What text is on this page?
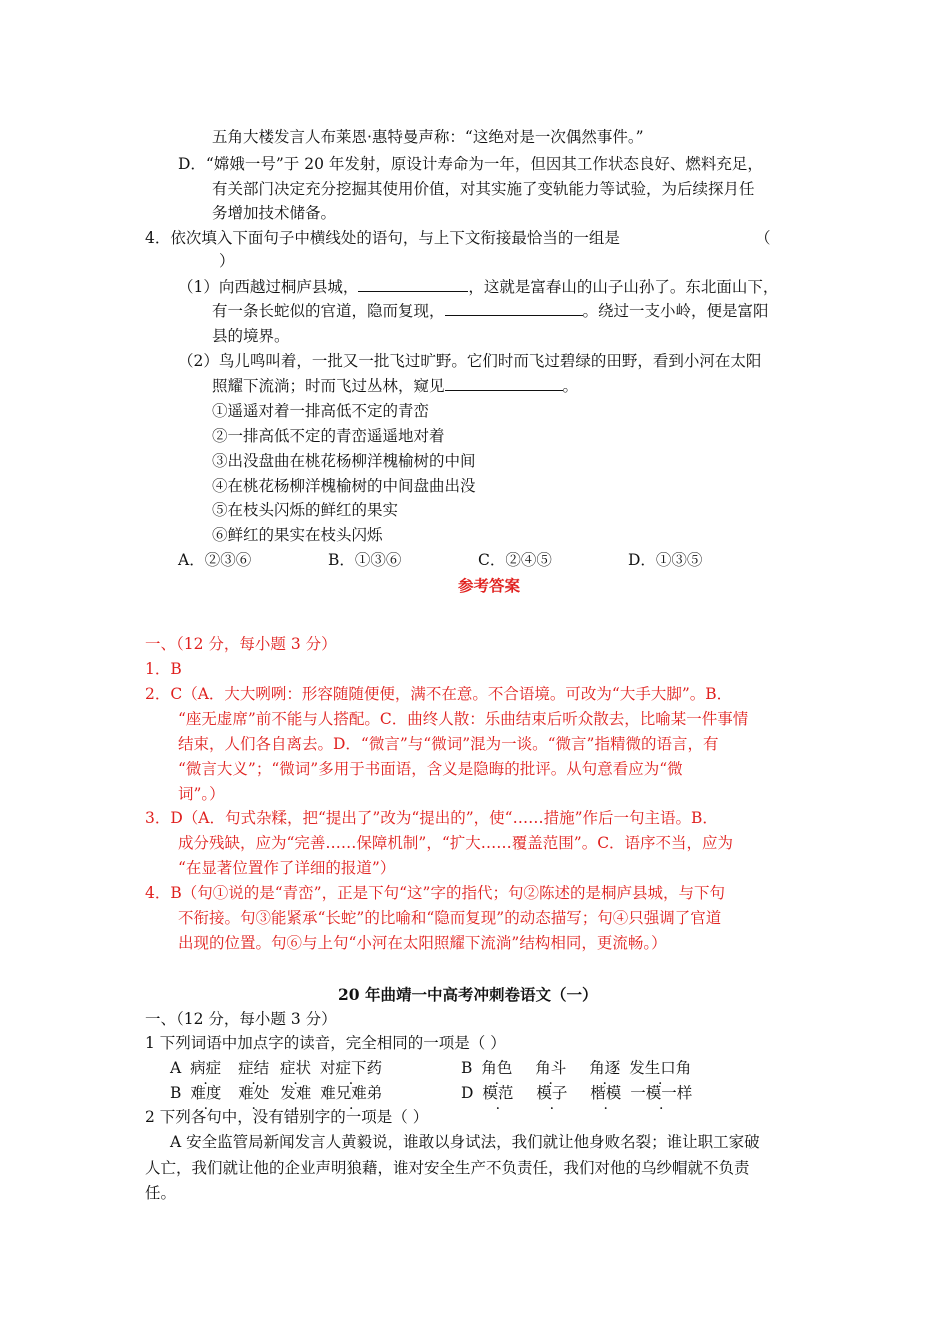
五角大楼发言人布莱恩·惠特曼声称：“这绝对是一次偶然事件。”
D．“嫦娥一号”于 20 年发射，原设计寿命为一年，但因其工作状态良好、燃料充足，
有关部门决定充分挖掘其使用价值，对其实施了变轨能力等试验，为后续探月任
务增加技术储备。
4．依次填入下面句子中横线处的语句，与上下文衔接最恰当的一组是	（
）
（1）向西越过桐庐县城，	，这就是富春山的山子山孙了。东北面山下，
有一条长蛇似的官道，隐而复现，	。绕过一支小岭，便是富阳
县的境界。
（2）鸟儿鸣叫着，一批又一批飞过旷野。它们时而飞过碧绿的田野，看到小河在太阳
照耀下流淌；时而飞过丛林，窥见	。
①遥遥对着一排高低不定的青峦
②一排高低不定的青峦遥遥地对着
③出没盘曲在桃花杨柳洋槐榆树的中间
④在桃花杨柳洋槐榆树的中间盘曲出没
⑤在枝头闪烁的鲜红的果实
⑥鲜红的果实在枝头闪烁
A．②③⑥	B．①③⑥	C．②④⑤	D．①③⑤
参考答案
一、（12 分，每小题 3 分）
1．B
2．C（A．大大咧咧：形容随随便便，满不在意。不合语境。可改为“大手大脚”。B．
“座无虚席”前不能与人搭配。C．曲终人散：乐曲结束后听众散去，比喻某一件事情
结束，人们各自离去。D．“微言”与“微词”混为一谈。“微言”指精微的语言，有
“微言大义”；“微词”多用于书面语，含义是隐晦的批评。从句意看应为“微
词”。）
3．D（A．句式杂糅，把“提出了”改为“提出的”，使“……措施”作后一句主语。B．
成分残缺，应为“完善……保障机制”，“扩大……覆盖范围”。C．语序不当，应为
“在显著位置作了详细的报道”）
4．B（句①说的是“青峦”，正是下句“这”字的指代；句②陈述的是桐庐县城，与下句
不衔接。句③能紧承“长蛇”的比喻和“隐而复现”的动态描写；句④只强调了官道
出现的位置。句⑥与上句“小河在太阳照耀下流淌”结构相同，更流畅。）
20 年曲靖一中高考冲刺卷语文（一）
一、（12 分，每小题 3 分）
1 下列词语中加点字的读音，完全相同的一项是（ ）
A 病症 症结 症状 对症下药	B 角色 角斗 角逐 发生口角
B 难度 难处 发难 难兄难弟	D 模范 模子 楷模 一模一样
2 下列各句中，没有错别字的一项是（ ）
A 安全监管局新闻发言人黄毅说，谁敢以身试法，我们就让他身败名裂；谁让职工家破
人亡，我们就让他的企业声明狼藉，谁对安全生产不负责任，我们对他的乌纱帽就不负责
任。
